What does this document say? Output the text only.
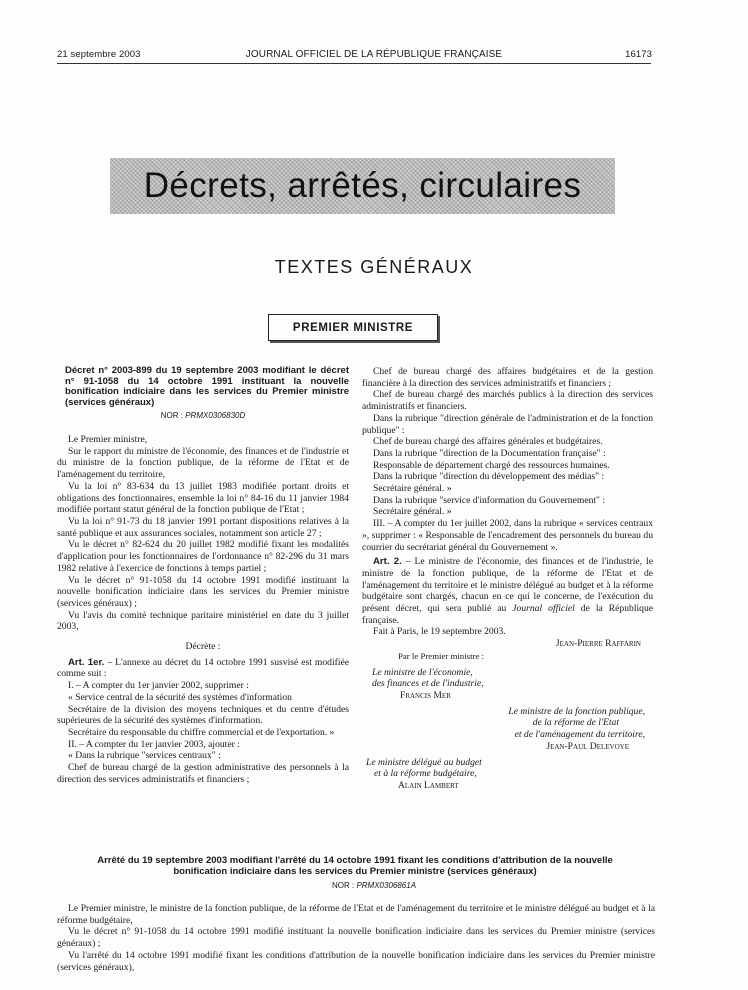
21 septembre 2003	JOURNAL OFFICIEL DE LA RÉPUBLIQUE FRANÇAISE	16173
Décrets, arrêtés, circulaires
TEXTES GÉNÉRAUX
PREMIER MINISTRE
Décret n° 2003-899 du 19 septembre 2003 modifiant le décret n° 91-1058 du 14 octobre 1991 instituant la nouvelle bonification indiciaire dans les services du Premier ministre (services généraux)
NOR : PRMX0306830D

Le Premier ministre,

Sur le rapport du ministre de l'économie, des finances et de l'industrie et du ministre de la fonction publique, de la réforme de l'Etat et de l'aménagement du territoire,

Vu la loi n° 83-634 du 13 juillet 1983 modifiée portant droits et obligations des fonctionnaires, ensemble la loi n° 84-16 du 11 janvier 1984 modifiée portant statut général de la fonction publique de l'Etat ;

Vu la loi n° 91-73 du 18 janvier 1991 portant dispositions relatives à la santé publique et aux assurances sociales, notamment son article 27 ;

Vu le décret n° 82-624 du 20 juillet 1982 modifié fixant les modalités d'application pour les fonctionnaires de l'ordonnance n° 82-296 du 31 mars 1982 relative à l'exercice de fonctions à temps partiel ;

Vu le décret n° 91-1058 du 14 octobre 1991 modifié instituant la nouvelle bonification indiciaire dans les services du Premier ministre (services généraux) ;

Vu l'avis du comité technique paritaire ministériel en date du 3 juillet 2003,

Décrète :

Art. 1er. – L'annexe au décret du 14 octobre 1991 susvisé est modifiée comme suit :

I. – A compter du 1er janvier 2002, supprimer :

« Service central de la sécurité des systèmes d'information

Secrétaire de la division des moyens techniques et du centre d'études supérieures de la sécurité des systèmes d'information.

Secrétaire du responsable du chiffre commercial et de l'exportation. »

II. – A compter du 1er janvier 2003, ajouter :

« Dans la rubrique "services centraux" :

Chef de bureau chargé de la gestion administrative des personnels à la direction des services administratifs et financiers ;

Chef de bureau chargé des affaires budgétaires et de la gestion financière à la direction des services administratifs et financiers ;

Chef de bureau chargé des marchés publics à la direction des services administratifs et financiers.

Dans la rubrique "direction générale de l'administration et de la fonction publique" :

Chef de bureau chargé des affaires générales et budgétaires.

Dans la rubrique "direction de la Documentation française" :

Responsable de département chargé des ressources humaines.

Dans la rubrique "direction du développement des médias" :

Secrétaire général. »

Dans la rubrique "service d'information du Gouvernement" :

Secrétaire général. »

III. – A compter du 1er juillet 2002, dans la rubrique « services centraux », supprimer : « Responsable de l'encadrement des personnels du bureau du courrier du secrétariat général du Gouvernement ».

Art. 2. – Le ministre de l'économie, des finances et de l'industrie, le ministre de la fonction publique, de la réforme de l'Etat et de l'aménagement du territoire et le ministre délégué au budget et à la réforme budgétaire sont chargés, chacun en ce qui le concerne, de l'exécution du présent décret, qui sera publié au Journal officiel de la République française.

Fait à Paris, le 19 septembre 2003.

Jean-Pierre Raffarin
Par le Premier ministre :
Le ministre de l'économie,
des finances et de l'industrie,
Francis Mer
Le ministre de la fonction publique,
de la réforme de l'Etat
et de l'aménagement du territoire,
Jean-Paul Delevoye
Le ministre délégué au budget
et à la réforme budgétaire,
Alain Lambert
Arrêté du 19 septembre 2003 modifiant l'arrêté du 14 octobre 1991 fixant les conditions d'attribution de la nouvelle bonification indiciaire dans les services du Premier ministre (services généraux)
NOR : PRMX0306861A

Le Premier ministre, le ministre de la fonction publique, de la réforme de l'Etat et de l'aménagement du territoire et le ministre délégué au budget et à la réforme budgétaire,

Vu le décret n° 91-1058 du 14 octobre 1991 modifié instituant la nouvelle bonification indiciaire dans les services du Premier ministre (services généraux) ;

Vu l'arrêté du 14 octobre 1991 modifié fixant les conditions d'attribution de la nouvelle bonification indiciaire dans les services du Premier ministre (services généraux),
